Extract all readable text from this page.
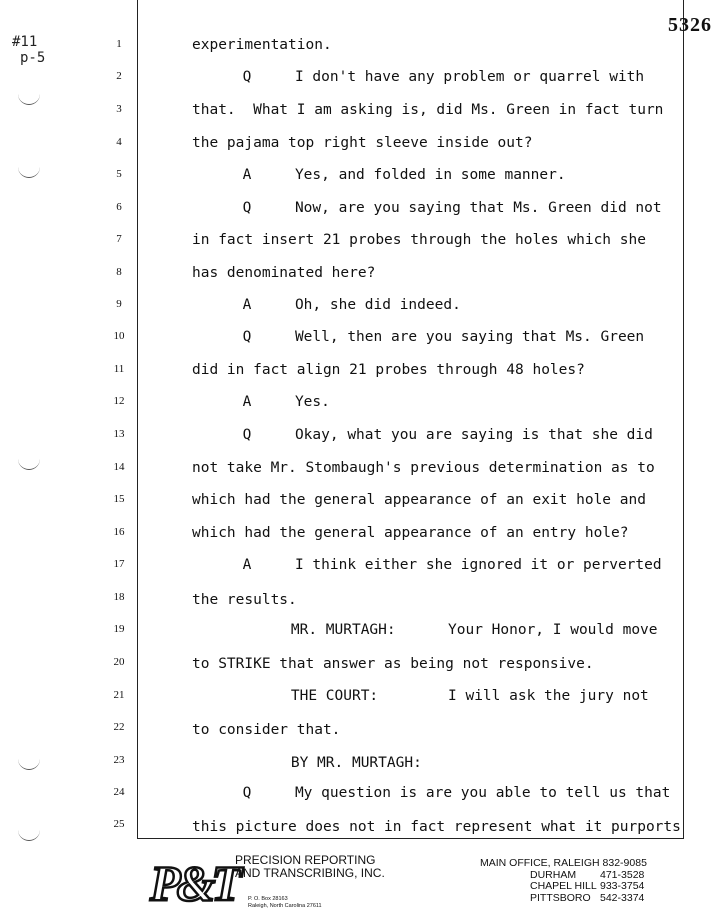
#11
p-5
5326
1
2
3
4
5
6
7
8
9
10
11
12
13
14
15
16
17
18
19
20
21
22
23
24
25
experimentation.
Q     I don't have any problem or quarrel with
that.  What I am asking is, did Ms. Green in fact turn
the pajama top right sleeve inside out?
A     Yes, and folded in some manner.
Q     Now, are you saying that Ms. Green did not
in fact insert 21 probes through the holes which she
has denominated here?
A     Oh, she did indeed.
Q     Well, then are you saying that Ms. Green
did in fact align 21 probes through 48 holes?
A     Yes.
Q     Okay, what you are saying is that she did
not take Mr. Stombaugh's previous determination as to
which had the general appearance of an exit hole and
which had the general appearance of an entry hole?
A     I think either she ignored it or perverted
the results.
MR. MURTAGH:      Your Honor, I would move
to STRIKE that answer as being not responsive.
THE COURT:        I will ask the jury not
to consider that.
BY MR. MURTAGH:
Q     My question is are you able to tell us that
this picture does not in fact represent what it purports
P&T
PRECISION REPORTING
AND TRANSCRIBING, INC.
P. O. Box 28163
Raleigh, North Carolina 27611
MAIN OFFICE, RALEIGH
832-9085
DURHAM	471-3528
CHAPEL HILL 933-3754
PITTSBORO 542-3374
